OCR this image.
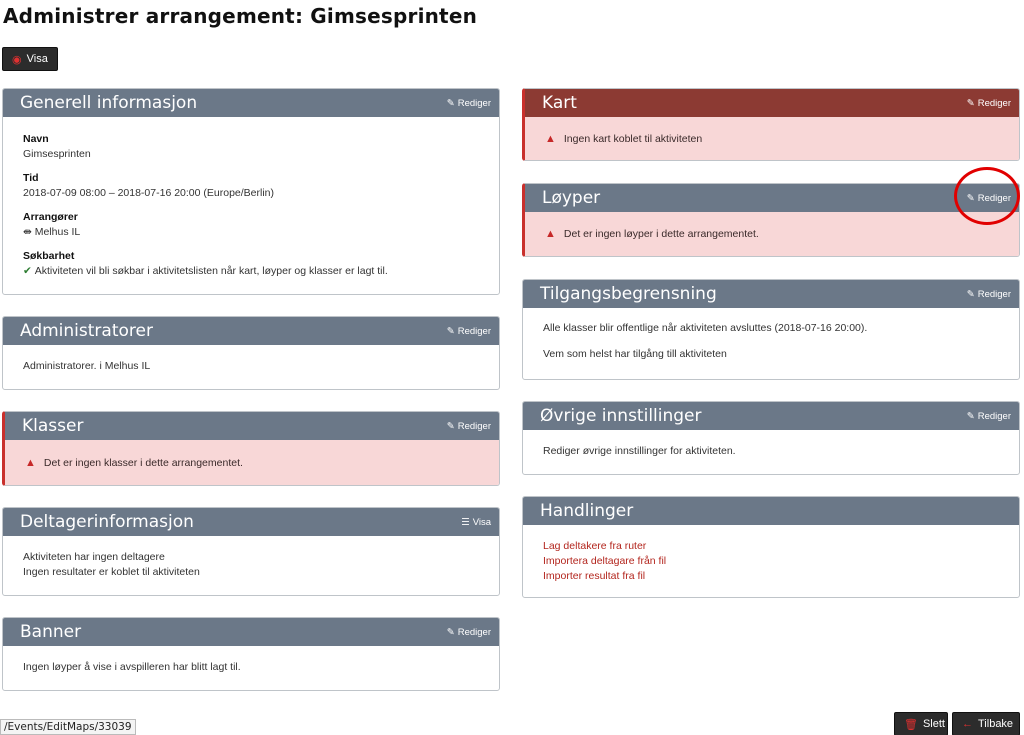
Administrer arrangement: Gimsesprinten
◉ Visa
Generell informasjon	✎ Rediger
Navn
Gimsesprinten
Tid
2018-07-09 08:00 – 2018-07-16 20:00 (Europe/Berlin)
Arrangører
⇼ Melhus IL
Søkbarhet
✔ Aktiviteten vil bli søkbar i aktivitetslisten når kart, løyper og klasser er lagt til.
Administratorer	✎ Rediger
Administratorer. i Melhus IL
Klasser	✎ Rediger
▲ Det er ingen klasser i dette arrangementet.
Deltagerinformasjon	☰ Visa
Aktiviteten har ingen deltagere
Ingen resultater er koblet til aktiviteten
Banner	✎ Rediger
Ingen løyper å vise i avspilleren har blitt lagt til.
Kart	✎ Rediger
▲ Ingen kart koblet til aktiviteten
Løyper	✎ Rediger
▲ Det er ingen løyper i dette arrangementet.
Tilgangsbegrensning	✎ Rediger
Alle klasser blir offentlige når aktiviteten avsluttes (2018-07-16 20:00).
Vem som helst har tilgång till aktiviteten
Øvrige innstillinger	✎ Rediger
Rediger øvrige innstillinger for aktiviteten.
Handlinger
Lag deltakere fra ruter
Importera deltagare från fil
Importer resultat fra fil
🗑 Slett ← Tilbake
/Events/EditMaps/33039
